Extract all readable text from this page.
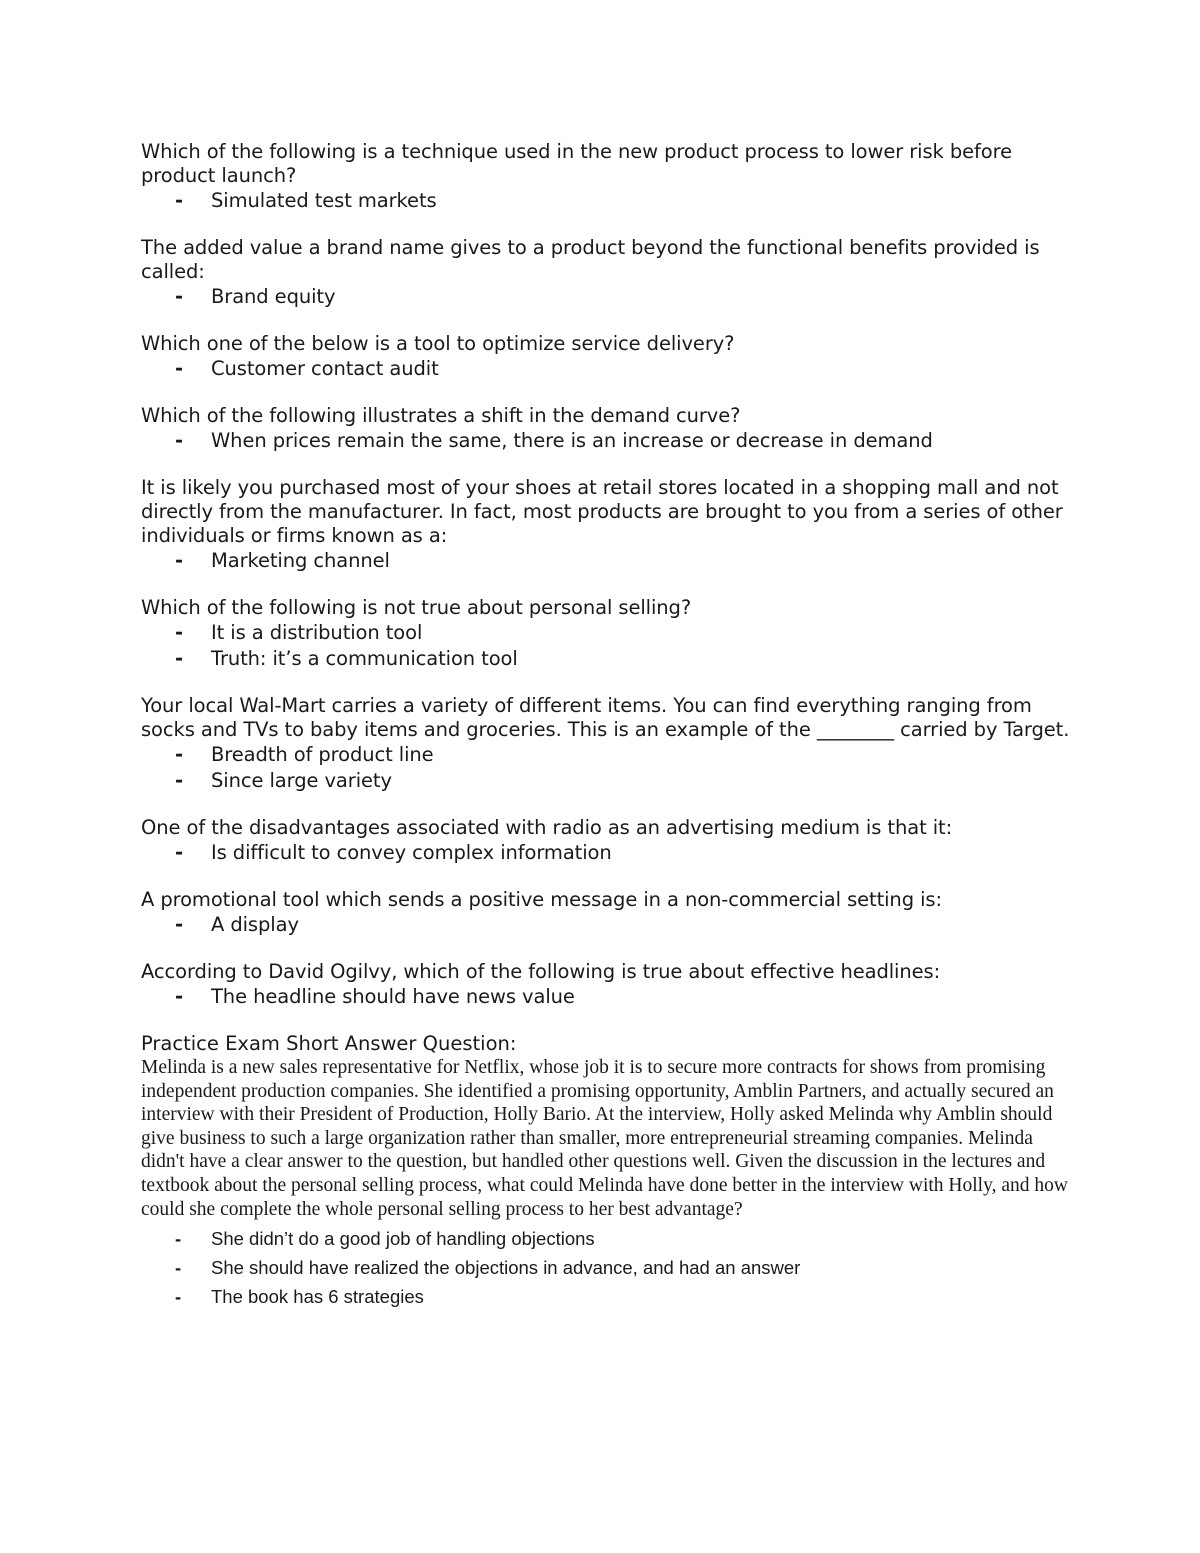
Which of the following is a technique used in the new product process to lower risk before product launch?

- Simulated test markets

The added value a brand name gives to a product beyond the functional benefits provided is called:

- Brand equity

Which one of the below is a tool to optimize service delivery?

- Customer contact audit

Which of the following illustrates a shift in the demand curve?

- When prices remain the same, there is an increase or decrease in demand

It is likely you purchased most of your shoes at retail stores located in a shopping mall and not directly from the manufacturer. In fact, most products are brought to you from a series of other individuals or firms known as a:

- Marketing channel

Which of the following is not true about personal selling?

- It is a distribution tool
- Truth: it’s a communication tool

Your local Wal-Mart carries a variety of different items. You can find everything ranging from socks and TVs to baby items and groceries. This is an example of the ________ carried by Target.

- Breadth of product line
- Since large variety

One of the disadvantages associated with radio as an advertising medium is that it:

- Is difficult to convey complex information

A promotional tool which sends a positive message in a non-commercial setting is:

- A display

According to David Ogilvy, which of the following is true about effective headlines:

- The headline should have news value

Practice Exam Short Answer Question:

Melinda is a new sales representative for Netflix, whose job it is to secure more contracts for shows from promising independent production companies. She identified a promising opportunity, Amblin Partners, and actually secured an interview with their President of Production, Holly Bario. At the interview, Holly asked Melinda why Amblin should give business to such a large organization rather than smaller, more entrepreneurial streaming companies. Melinda didn't have a clear answer to the question, but handled other questions well. Given the discussion in the lectures and textbook about the personal selling process, what could Melinda have done better in the interview with Holly, and how could she complete the whole personal selling process to her best advantage?

- She didn’t do a good job of handling objections
- She should have realized the objections in advance, and had an answer
- The book has 6 strategies
